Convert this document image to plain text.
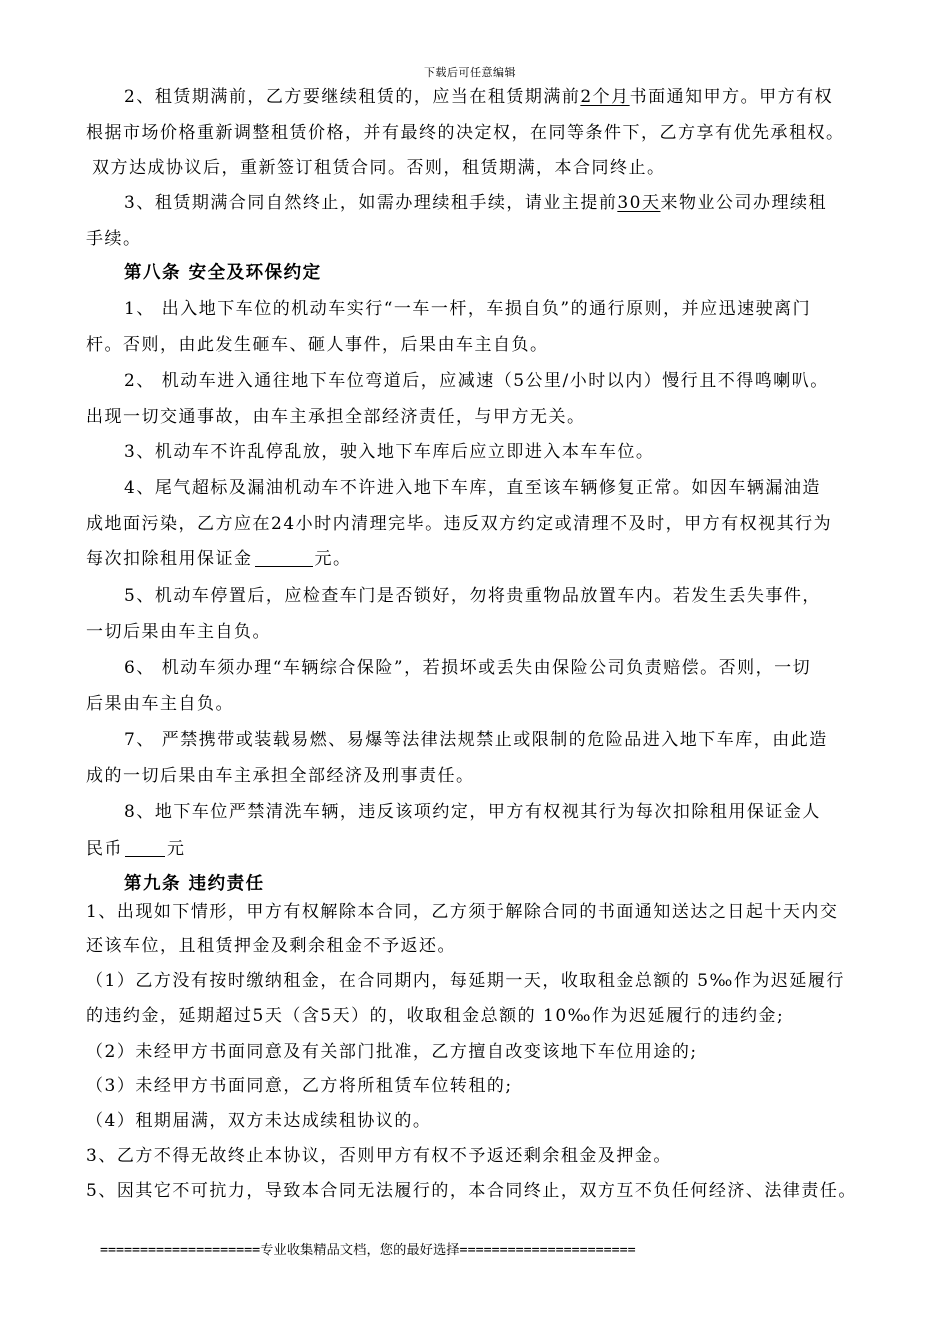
下载后可任意编辑
2、租赁期满前，乙方要继续租赁的，应当在租赁期满前2个月书面通知甲方。甲方有权
根据市场价格重新调整租赁价格，并有最终的决定权，在同等条件下，乙方享有优先承租权。
双方达成协议后，重新签订租赁合同。否则，租赁期满，本合同终止。
3、租赁期满合同自然终止，如需办理续租手续，请业主提前30天来物业公司办理续租
手续。
第八条 安全及环保约定
1、 出入地下车位的机动车实行“一车一杆，车损自负”的通行原则，并应迅速驶离门
杆。否则，由此发生砸车、砸人事件，后果由车主自负。
2、 机动车进入通往地下车位弯道后，应减速（5公里/小时以内）慢行且不得鸣喇叭。
出现一切交通事故，由车主承担全部经济责任，与甲方无关。
3、机动车不许乱停乱放，驶入地下车库后应立即进入本车车位。
4、尾气超标及漏油机动车不许进入地下车库，直至该车辆修复正常。如因车辆漏油造
成地面污染，乙方应在24小时内清理完毕。违反双方约定或清理不及时，甲方有权视其行为
每次扣除租用保证金	元。
5、机动车停置后，应检查车门是否锁好，勿将贵重物品放置车内。若发生丢失事件，
一切后果由车主自负。
6、 机动车须办理“车辆综合保险”，若损坏或丢失由保险公司负责赔偿。否则，一切
后果由车主自负。
7、 严禁携带或装载易燃、易爆等法律法规禁止或限制的危险品进入地下车库，由此造
成的一切后果由车主承担全部经济及刑事责任。
8、地下车位严禁清洗车辆，违反该项约定，甲方有权视其行为每次扣除租用保证金人
民币	元
第九条 违约责任
1、出现如下情形，甲方有权解除本合同，乙方须于解除合同的书面通知送达之日起十天内交
还该车位，且租赁押金及剩余租金不予返还。
（1）乙方没有按时缴纳租金，在合同期内，每延期一天，收取租金总额的 5‰作为迟延履行
的违约金，延期超过5天（含5天）的，收取租金总额的 10‰作为迟延履行的违约金;
（2）未经甲方书面同意及有关部门批准，乙方擅自改变该地下车位用途的;
（3）未经甲方书面同意，乙方将所租赁车位转租的;
（4）租期届满，双方未达成续租协议的。
3、乙方不得无故终止本协议，否则甲方有权不予返还剩余租金及押金。
5、因其它不可抗力，导致本合同无法履行的，本合同终止，双方互不负任何经济、法律责任。
====================专业收集精品文档，您的最好选择======================
